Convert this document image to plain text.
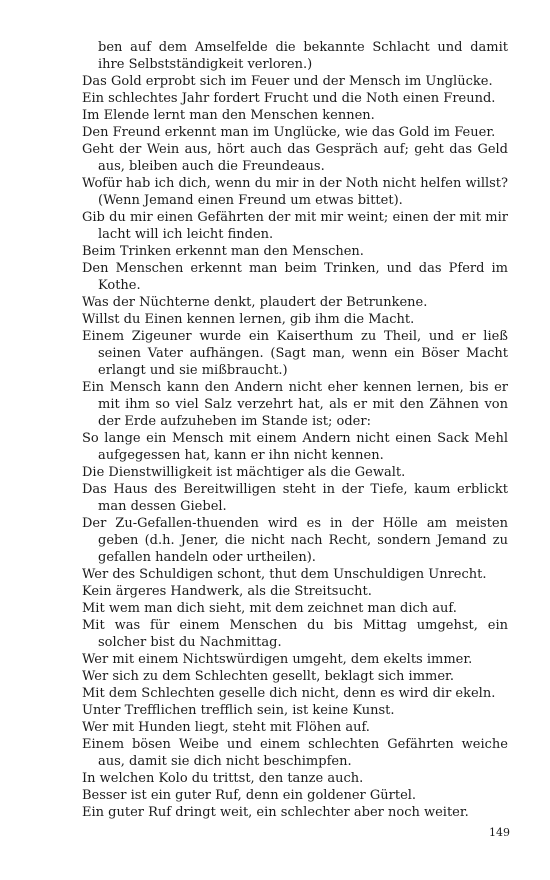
ben auf dem Amselfelde die bekannte Schlacht und damit ihre Selbstständigkeit verloren.)
Das Gold erprobt sich im Feuer und der Mensch im Unglücke.
Ein schlechtes Jahr fordert Frucht und die Noth einen Freund.
Im Elende lernt man den Menschen kennen.
Den Freund erkennt man im Unglücke, wie das Gold im Feuer.
Geht der Wein aus, hört auch das Gespräch auf; geht das Geld aus, bleiben auch die Freundeaus.
Wofür hab ich dich, wenn du mir in der Noth nicht helfen willst? (Wenn Jemand einen Freund um etwas bittet).
Gib du mir einen Gefährten der mit mir weint; einen der mit mir lacht will ich leicht finden.
Beim Trinken erkennt man den Menschen.
Den Menschen erkennt man beim Trinken, und das Pferd im Kothe.
Was der Nüchterne denkt, plaudert der Betrunkene.
Willst du Einen kennen lernen, gib ihm die Macht.
Einem Zigeuner wurde ein Kaiserthum zu Theil, und er ließ seinen Vater aufhängen. (Sagt man, wenn ein Böser Macht erlangt und sie mißbraucht.)
Ein Mensch kann den Andern nicht eher kennen lernen, bis er mit ihm so viel Salz verzehrt hat, als er mit den Zähnen von der Erde aufzuheben im Stande ist; oder:
So lange ein Mensch mit einem Andern nicht einen Sack Mehl aufgegessen hat, kann er ihn nicht kennen.
Die Dienstwilligkeit ist mächtiger als die Gewalt.
Das Haus des Bereitwilligen steht in der Tiefe, kaum erblickt man dessen Giebel.
Der Zu-Gefallen-thuenden wird es in der Hölle am meisten geben (d.h. Jener, die nicht nach Recht, sondern Jemand zu gefallen handeln oder urtheilen).
Wer des Schuldigen schont, thut dem Unschuldigen Unrecht.
Kein ärgeres Handwerk, als die Streitsucht.
Mit wem man dich sieht, mit dem zeichnet man dich auf.
Mit was für einem Menschen du bis Mittag umgehst, ein solcher bist du Nachmittag.
Wer mit einem Nichtswürdigen umgeht, dem ekelts immer.
Wer sich zu dem Schlechten gesellt, beklagt sich immer.
Mit dem Schlechten geselle dich nicht, denn es wird dir ekeln.
Unter Trefflichen trefflich sein, ist keine Kunst.
Wer mit Hunden liegt, steht mit Flöhen auf.
Einem bösen Weibe und einem schlechten Gefährten weiche aus, damit sie dich nicht beschimpfen.
In welchen Kolo du trittst, den tanze auch.
Besser ist ein guter Ruf, denn ein goldener Gürtel.
Ein guter Ruf dringt weit, ein schlechter aber noch weiter.
149
